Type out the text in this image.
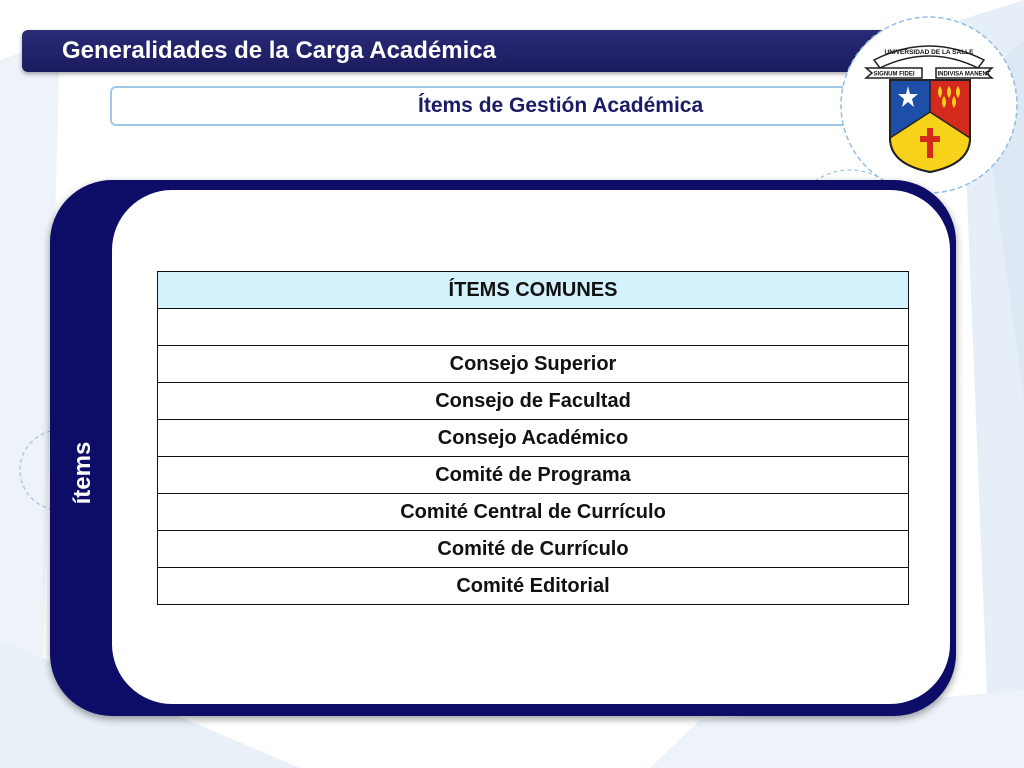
Generalidades de la Carga Académica
Ítems de Gestión Académica
UNIVERSIDAD DE LA SALLE
SIGNUM FIDEI	INDIVISA MANENT
ítems
ÍTEMS COMUNES

Consejo Superior
Consejo de Facultad
Consejo Académico
Comité de Programa
Comité Central de Currículo
Comité de Currículo
Comité Editorial
